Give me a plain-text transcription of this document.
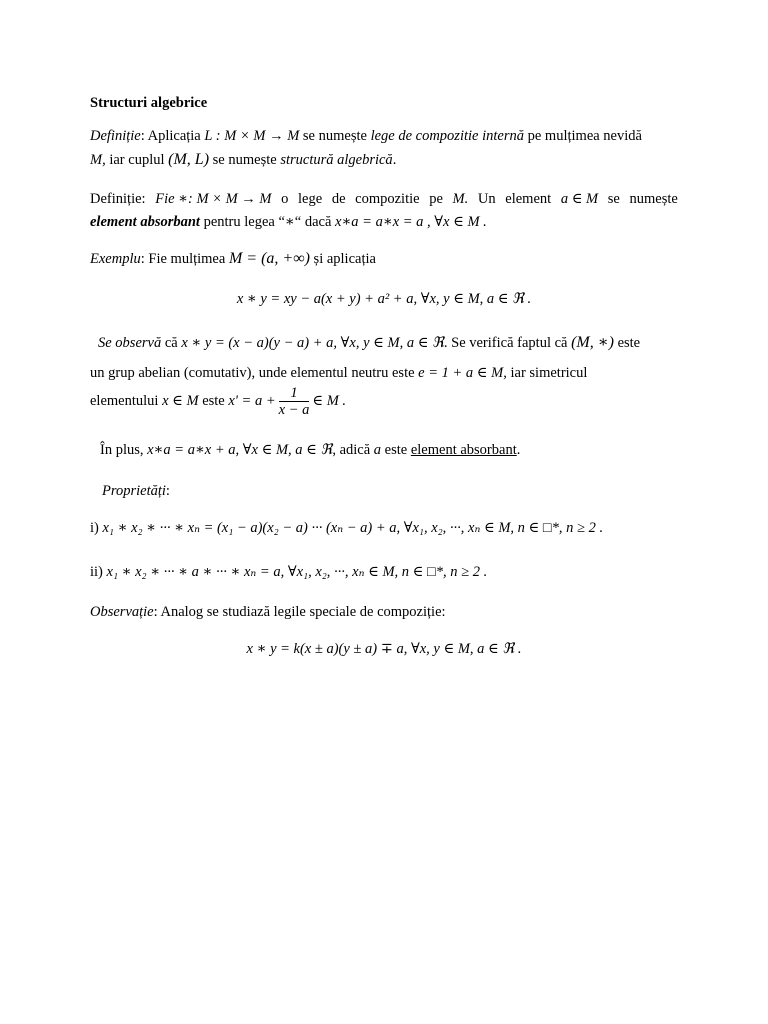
Structuri algebrice
Definiție: Aplicația L : M × M → M se numește lege de compozitie internă pe mulțimea nevidă
M, iar cuplul (M, L) se numește structură algebrică.
Definiție: Fie ∗: M × M → M o lege de compozitie pe M. Un element a ∈ M se numește
element absorbant pentru legea “∗“ dacă x∗a = a∗x = a , ∀x ∈ M .
Exemplu: Fie mulțimea M = (a, +∞) și aplicația
x ∗ y = xy − a(x + y) + a² + a, ∀x, y ∈ M, a ∈ ℜ .
Se observă că x ∗ y = (x − a)(y − a) + a, ∀x, y ∈ M, a ∈ ℜ. Se verifică faptul că (M, ∗) este
un grup abelian (comutativ), unde elementul neutru este e = 1 + a ∈ M, iar simetricul
elementului x ∈ M este $x' = a + \frac{1}{x - a}$ ∈ M .
În plus, x∗a = a∗x + a, ∀x ∈ M, a ∈ ℜ, adică a este element absorbant.
Proprietăți:
i) x₁ ∗ x₂ ∗ ··· ∗ xₙ = (x₁ − a)(x₂ − a) ··· (xₙ − a) + a, ∀x₁, x₂, ···, xₙ ∈ M, n ∈ □*, n ≥ 2 .
ii) x₁ ∗ x₂ ∗ ··· ∗ a ∗ ··· ∗ xₙ = a, ∀x₁, x₂, ···, xₙ ∈ M, n ∈ □*, n ≥ 2 .
Observație: Analog se studiază legile speciale de compoziție:
x ∗ y = k(x ± a)(y ± a) ∓ a, ∀x, y ∈ M, a ∈ ℜ .
